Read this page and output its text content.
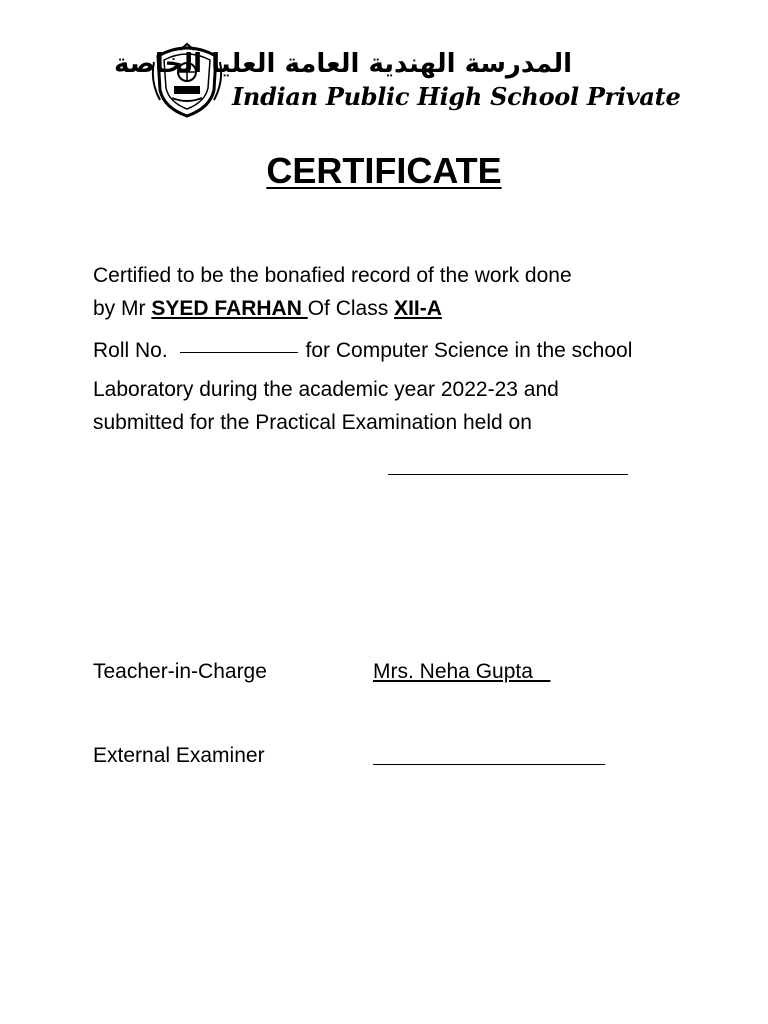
المدرسة الهندية العامة العليا الخاصة
Indian Public High School Private
CERTIFICATE
Certified to be the bonafied record of the work done
by Mr SYED FARHAN Of Class XII-A
Roll No.	for Computer Science in the school
Laboratory during the academic year 2022-23 and
submitted for the Practical Examination held on
Teacher-in-Charge	Mrs. Neha Gupta
External Examiner
